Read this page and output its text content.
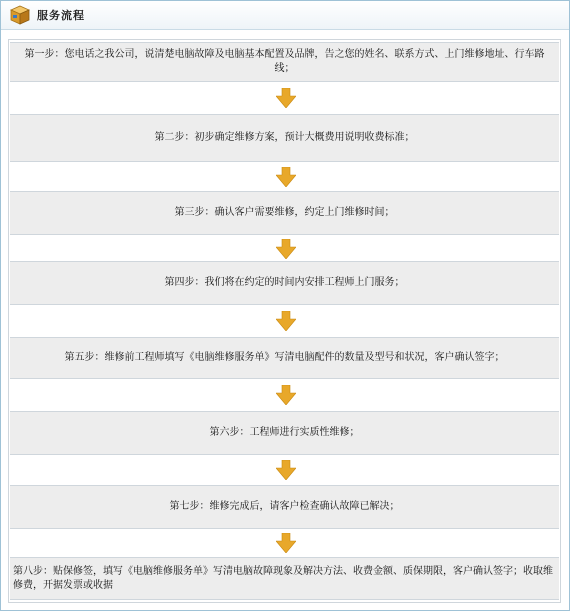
服务流程
第一步：您电话之我公司，说清楚电脑故障及电脑基本配置及品牌，告之您的姓名、联系方式、上门维修地址、行车路线；
第二步：初步确定维修方案，预计大概费用说明收费标准；
第三步：确认客户需要维修，约定上门维修时间；
第四步：我们将在约定的时间内安排工程师上门服务；
第五步：维修前工程师填写《电脑维修服务单》写清电脑配件的数量及型号和状况，客户确认签字；
第六步：工程师进行实质性维修；
第七步：维修完成后，请客户检查确认故障已解决；
第八步：贴保修签，填写《电脑维修服务单》写清电脑故障现象及解决方法、收费金额、质保期限，客户确认签字；收取维修费，开据发票或收据
